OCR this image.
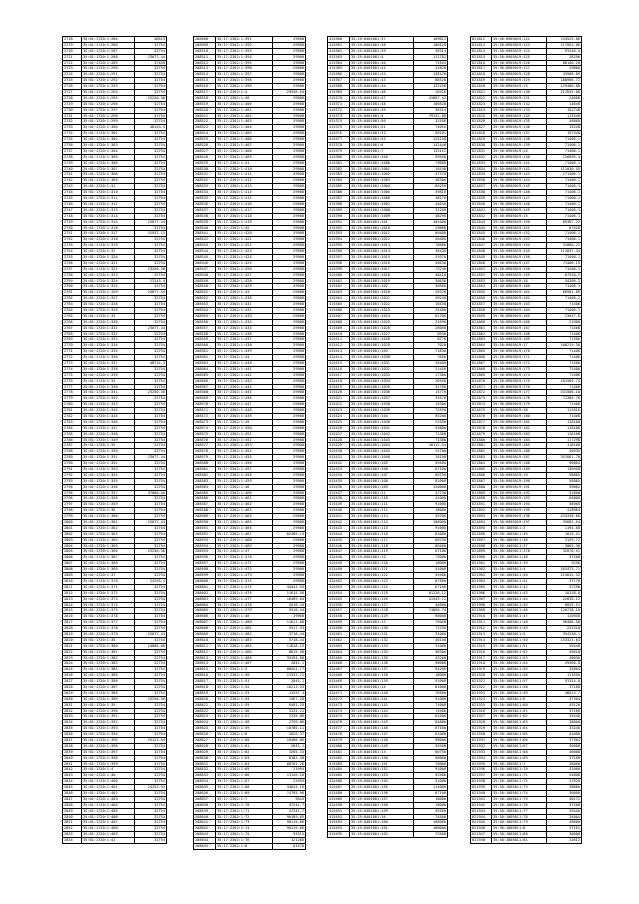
2718	35:01:1720:1:285	48515
2719	35:01:1720:1:286	32754
2720	35:01:1720:1:287	32754
2721	35:01:1720:1:288	23077.44
2722	35:01:1720:1:289	37449
2723	35:01:1720:1:290	32754
2724	35:01:1720:1:291	32754
2725	35:01:1720:1:292	32754
2726	35:01:1720:1:293	32754
2727	35:01:1720:1:294	32754
2728	35:01:1720:1:295	23250.36
2729	35:01:1720:1:296	32754
2730	35:01:1720:1:297	32754
2731	35:01:1720:1:298	32754
2732	35:01:1720:1:299	32754
2733	35:01:1720:1:300	48143.4
2734	35:01:1720:1:301	32754
2735	35:01:1720:1:302	32754
2736	35:01:1720:1:303	32754
2737	35:01:1720:1:304	32754
2738	35:01:1720:1:305	32754
2739	35:01:1720:1:306	32754
2740	35:01:1720:1:307	32754
2741	35:01:1720:1:308	32754
2742	35:01:1720:1:309	32754
2743	35:01:1720:1:31	32754
2744	35:01:1720:1:310	32754
2745	35:01:1720:1:311	32754
2746	35:01:1720:1:312	32754
2747	35:01:1720:1:313	32754
2748	35:01:1720:1:314	32754
2749	35:01:1720:1:315	23077.44
2750	35:01:1720:1:316	32754
2751	35:01:1720:1:317	31937.15
2752	35:01:1720:1:318	32754
2753	35:01:1720:1:319	32754
2754	35:01:1720:1:32	32754
2755	35:01:1720:1:320	32754
2756	35:01:1720:1:321	32754
2757	35:01:1720:1:322	23250.36
2758	35:01:1720:1:323	32754
2759	35:01:1720:1:324	23143.4
2760	35:01:1720:1:325	32754
2761	35:01:1720:1:326	23077.44
2762	35:01:1720:1:327	32754
2763	35:01:1720:1:328	32754
2764	35:01:1720:1:329	32754
2765	35:01:1720:1:33	32754
2766	35:01:1720:1:330	32754
2767	35:01:1720:1:331	23077.44
2768	35:01:1720:1:332	32754
2769	35:01:1720:1:333	32754
2770	35:01:1720:1:334	32754
2771	35:01:1720:1:335	32754
2772	35:01:1720:1:336	32754
2773	35:01:1720:1:337	48724.4
2774	35:01:1720:1:338	32754
2775	35:01:1720:1:339	32754
2776	35:01:1720:1:34	32754
2777	35:01:1720:1:340	32754
2778	35:01:1720:1:341	23250.36
2779	35:01:1720:1:342	32754
2780	35:01:1720:1:343	32754
2781	35:01:1720:1:344	32754
2782	35:01:1720:1:345	32754
2783	35:01:1720:1:346	32754
2784	35:01:1720:1:347	32754
2785	35:01:1720:1:348	32754
2786	35:01:1720:1:349	32754
2787	35:01:1720:1:35	32754
2788	35:01:1720:1:350	32754
2789	35:01:1720:1:351	23077.44
2790	35:01:1720:1:352	32754
2791	35:01:1720:1:353	32754
2792	35:01:1720:1:354	32754
2793	35:01:1720:1:355	32754
2794	35:01:1720:1:356	32754
2795	35:01:1720:1:357	47000.46
2796	35:01:1720:1:358	32754
2797	35:01:1720:1:359	32754
2798	35:01:1720:1:36	32754
2799	35:01:1720:1:360	32754
2800	35:01:1720:1:361	23077.44
2801	35:01:1720:1:362	32754
2802	35:01:1720:1:363	32754
2803	35:01:1720:1:364	32754
2804	35:01:1720:1:365	32754
2805	35:01:1720:1:366	23250.36
2806	35:01:1720:1:367	32754
2807	35:01:1720:1:368	32754
2808	35:01:1720:1:369	32754
2809	35:01:1720:1:37	32754
2810	35:01:1720:1:370	24293.4
2811	35:01:1720:1:371	32754
2812	35:01:1720:1:372	32754
2813	35:01:1720:1:373	32754
2814	35:01:1720:1:374	32754
2815	35:01:1720:1:375	32754
2816	35:01:1720:1:376	32754
2817	35:01:1720:1:377	32754
2818	35:01:1720:1:378	32754
2819	35:01:1720:1:379	23077.44
2820	35:01:1720:1:38	32754
2821	35:01:1720:1:380	24888.66
2822	35:01:1720:1:381	32754
2823	35:01:1720:1:382	32754
2824	35:01:1720:1:383	32754
2825	35:01:1720:1:384	32754
2826	35:01:1720:1:385	32754
2827	35:01:1720:1:386	32754
2828	35:01:1720:1:387	32754
2829	35:01:1720:1:388	32754
2830	35:01:1720:1:389	23250.36
2831	35:01:1720:1:39	32754
2832	35:01:1720:1:390	32754
2833	35:01:1720:1:391	32754
2834	35:01:1720:1:392	32754
2835	35:01:1720:1:393	32754
2836	35:01:1720:1:394	32754
2837	35:01:1720:1:395	25123.64
2838	35:01:1720:1:396	32754
2839	35:01:1720:1:397	32754
2840	35:01:1720:1:398	32754
2841	35:01:1720:1:399	32754
2842	35:01:1720:1:4	32754
2843	35:01:1720:1:40	32754
2844	35:01:1720:1:400	32754
2845	35:01:1720:1:401	24253.93
2846	35:01:1720:1:402	32754
2847	35:01:1720:1:403	32754
2848	35:01:1720:1:404	32754
2849	35:01:1720:1:405	32754
2850	35:01:1720:1:406	32754
2851	35:01:1720:1:407	32754
2852	35:01:1720:1:408	32754
2853	35:01:1720:1:409	32754
2854	35:01:1720:1:41	32754
208508	35:17:2302:1:391	29908
208509	35:17:2302:1:392	29908
208510	35:17:2302:1:393	29908
208511	35:17:2302:1:394	29908
208512	35:17:2302:1:395	29908
208513	35:17:2302:1:396	29908
208514	35:17:2302:1:397	29908
208515	35:17:2302:1:398	29908
208516	35:17:2302:1:399	29908
208517	35:17:2302:1:4	29438.64
208518	35:17:2302:1:40	29908
208519	35:17:2302:1:400	29908
208520	35:17:2302:1:401	29908
208521	35:17:2302:1:402	29908
208522	35:17:2302:1:403	29908
208523	35:17:2302:1:404	29908
208524	35:17:2302:1:405	29908
208525	35:17:2302:1:406	29908
208526	35:17:2302:1:407	29908
208527	35:17:2302:1:408	29908
208528	35:17:2302:1:409	29908
208529	35:17:2302:1:41	29908
208530	35:17:2302:1:410	29908
208531	35:17:2302:1:411	29908
208532	35:17:2302:1:412	29908
208533	35:17:2302:1:413	29908
208534	35:17:2302:1:414	29908
208535	35:17:2302:1:415	29908
208536	35:17:2302:1:416	29908
208537	35:17:2302:1:417	29908
208538	35:17:2302:1:418	29908
208539	35:17:2302:1:419	29908
208540	35:17:2302:1:42	29908
208541	35:17:2302:1:420	29908
208542	35:17:2302:1:421	29908
208543	35:17:2302:1:422	29908
208544	35:17:2302:1:423	29908
208545	35:17:2302:1:424	29908
208546	35:17:2302:1:425	29908
208547	35:17:2302:1:426	29908
208548	35:17:2302:1:427	29908
208549	35:17:2302:1:428	29908
208550	35:17:2302:1:429	29908
208551	35:17:2302:1:43	29908
208552	35:17:2302:1:430	29908
208553	35:17:2302:1:431	29908
208554	35:17:2302:1:432	29908
208555	35:17:2302:1:433	29908
208556	35:17:2302:1:434	29908
208557	35:17:2302:1:435	29908
208558	35:17:2302:1:436	29908
208559	35:17:2302:1:437	29908
208560	35:17:2302:1:438	29908
208561	35:17:2302:1:439	29908
208562	35:17:2302:1:44	29908
208563	35:17:2302:1:440	29908
208564	35:17:2302:1:441	29908
208565	35:17:2302:1:442	29908
208566	35:17:2302:1:443	29908
208567	35:17:2302:1:444	29908
208568	35:17:2302:1:445	29908
208569	35:17:2302:1:446	29908
208570	35:17:2302:1:447	29908
208571	35:17:2302:1:448	29908
208572	35:17:2302:1:449	29908
208573	35:17:2302:1:45	29908
208574	35:17:2302:1:450	29908
208575	35:17:2302:1:451	29908
208576	35:17:2302:1:452	29908
208577	35:17:2302:1:453	29908
208578	35:17:2302:1:454	29908
208579	35:17:2302:1:455	29908
208580	35:17:2302:1:456	29908
208581	35:17:2302:1:457	29908
208582	35:17:2302:1:458	29908
208583	35:17:2302:1:459	29908
208584	35:17:2302:1:46	29908
208585	35:17:2302:1:460	29908
208586	35:17:2302:1:461	29908
208587	35:17:2302:1:462	29908
208588	35:17:2302:1:463	29908
208589	35:17:2302:1:464	29908
208590	35:17:2302:1:465	29908
208591	35:17:2302:1:466	29908
208592	35:17:2302:1:467	82489.14
208593	35:17:2302:1:468	29908
208594	35:17:2302:1:469	29908
208595	35:17:2302:1:47	29908
208596	35:17:2302:1:470	29908
208597	35:17:2302:1:471	29908
208598	35:17:2302:1:472	29908
208599	35:17:2302:1:473	29908
208600	35:17:2302:1:474	29908
208601	35:17:2302:1:475	44441.94
208602	35:17:2302:1:476	11615.58
208603	35:17:2302:1:477	16489.84
208604	35:17:2302:1:478	5518.44
208605	35:17:2302:1:479	5518.44
208606	35:17:2302:1:48	29908
208607	35:17:2302:1:480	11611.08
208608	35:17:2302:1:481	5517.53
208609	35:17:2302:1:482	3718.44
208610	35:17:2302:1:483	5718.44
208611	35:17:2302:1:484	11618.15
208612	35:17:2302:1:485	8815.58
208613	35:17:2302:1:486	33194.88
208614	35:17:2302:1:487	2841.1
208615	35:17:2302:1:5	80541.77
208616	35:17:2302:1:50	13332.71
208617	35:17:2302:1:51	2841.1
208618	35:17:2302:1:52	16213.33
208619	35:17:2302:1:53	13257.4
208620	35:17:2302:1:54	1467.28
208621	35:17:2302:1:55	6491.29
208622	35:17:2302:1:56	3125.21
208623	35:17:2302:1:57	2759.86
208624	35:17:2302:1:58	2759.86
208625	35:17:2302:1:59	10780.11
208626	35:17:2302:1:6	1625.37
208627	35:17:2302:1:60	10480.86
208628	35:17:2302:1:61	2841.1
208629	35:17:2302:1:62	3265.33
208630	35:17:2302:1:63	8182.38
208631	35:17:2302:1:64	80701.26
208632	35:17:2302:1:65	21994
208633	35:17:2302:1:66	13126.16
208634	35:17:2302:1:67	22594
208635	35:17:2302:1:68	34643.16
208636	35:17:2302:1:69	74705.96
208637	35:17:2302:1:7	5643
208638	35:17:2302:1:70	47241.7
208639	35:17:2302:1:71	47241.7
208640	35:17:2302:1:72	90189.65
208641	35:17:2302:1:73	90119.66
208642	35:17:2302:1:74	90119.66
208643	35:17:2302:1:75	93315
208644	35:17:2302:1:76	121266
208645	35:17:2302:1:8	61578
415360	35:25:0401001:37	109611
415361	35:25:0401001:38	108128
415362	35:25:0401001:39	36314
415363	35:25:0401001:4	112781
415364	35:25:0401001:40	71543
415365	35:25:0401001:41	31828
415366	35:25:0401001:42	138170
415367	35:25:0401001:43	88428
415368	35:25:0401001:44	123158
415369	35:25:0401001:46	28318
415370	35:25:0401001:47	41807.42
415371	35:25:0401001:48	106828
415372	35:25:0401001:49	36314
415373	35:25:0401001:5	79132.88
415374	35:25:0401001:50	32556
415375	35:25:0401001:51	74010
415376	35:25:0401001:52	90101
415377	35:25:0401001:53	123158
415378	35:25:0401001:6	142440
415379	35:25:0401001:7	133112
415380	35:25:0401001:100	99550
415381	35:25:0401001:1000	79680
415382	35:25:0401001:1001	10190
415383	35:25:0401001:1002	47370
415384	35:25:0401001:1003	48300
415385	35:25:0401001:1004	86250
415386	35:25:0401001:1005	39810
415387	35:25:0401001:1006	18270
415388	35:25:0401001:1007	44640
415389	35:25:0401001:1008	31200
415390	35:25:0401001:1009	48290
415391	35:25:0401001:101	104400
415392	35:25:0401001:1010	29880
415393	35:25:0401001:1011	60480
415394	35:25:0401001:1012	26460
415395	35:25:0401001:1013	78680
415396	35:25:0401001:1014	36430
415397	35:25:0401001:1015	29370
415398	35:25:0401001:1016	36630
415399	35:25:0401001:1017	73230
415400	35:25:0401001:1018	48410
415401	35:25:0401001:1019	30630
415402	35:25:0401001:102	36600
415403	35:25:0401001:1020	26370
415404	35:25:0401001:1021	49240
415405	35:25:0401001:1022	16530
415406	35:25:0401001:1023	25400
415407	35:25:0401001:1024	81700
415408	35:25:0401001:1025	21690
415409	35:25:0401001:1026	26050
415410	35:25:0401001:1027	6930
415411	35:25:0401001:1028	8770
415412	35:25:0401001:1029	7020
415413	35:25:0401001:103	71830
415414	35:25:0401001:1030	7650
415415	35:25:0401001:1031	26400
415416	35:25:0401001:1032	21450
415417	35:25:0401001:1033	17360
415418	35:25:0401001:1034	26550
415419	35:25:0401001:1035	32760
415420	35:25:0401001:1036	14770
415421	35:25:0401001:1037	33570
415422	35:25:0401001:1038	15300
415423	35:25:0401001:1039	72550
415424	35:25:0401001:104	95200
415425	35:25:0401001:1040	22550
415426	35:25:0401001:1041	55800
415427	35:25:0401001:1042	71380
415428	35:25:0401001:1043	71380
415429	35:25:0401001:1044	30112.44
415430	35:25:0401001:1045	24700
415431	35:25:0401001:1046	18190
415432	35:25:0401001:105	59460
415433	35:25:0401001:106	67100
415434	35:25:0401001:107	60750
415435	35:25:0401001:108	81000
415436	35:25:0401001:109	120000
415437	35:25:0401001:11	47730
415438	35:25:0401001:110	41000
415439	35:25:0401001:111	91000
415440	35:25:0401001:112	18000
415441	35:25:0401001:113	30700
415442	35:25:0401001:114	106000
415443	35:25:0401001:115	91000
415444	35:25:0401001:116	81000
415445	35:25:0401001:117	60750
415446	35:25:0401001:118	86400
415447	35:25:0401001:119	67100
415448	35:25:0401001:12	73000
415449	35:25:0401001:120	18000
415450	35:25:0401001:121	51000
415451	35:25:0401001:122	55500
415452	35:25:0401001:123	87500
415453	35:25:0401001:124	67100
415454	35:25:0401001:125	61230.12
415455	35:25:0401001:126	41543.12
415456	35:25:0401001:127	44000
415457	35:25:0401001:128	74850.74
415458	35:25:0401001:129	98000
415459	35:25:0401001:13	79050
415460	35:25:0401001:130	72750
415461	35:25:0401001:131	31000
415462	35:25:0401001:132	40100
415463	35:25:0401001:133	31000
415464	35:25:0401001:134	38300
415465	35:25:0401001:135	43200
415466	35:25:0401001:136	96000
415467	35:25:0401001:137	94200
415468	35:25:0401001:138	18000
415469	35:25:0401001:139	91000
415470	35:25:0401001:14	81000
415471	35:25:0401001:140	76500
415472	35:25:0401001:141	91000
415473	35:25:0401001:142	71000
415474	35:25:0401001:143	74500
415475	35:25:0401001:144	61500
415476	35:25:0401001:145	64800
415477	35:25:0401001:146	67100
415478	35:25:0401001:147	61000
415479	35:25:0401001:148	98000
415480	35:25:0401001:149	55500
415481	35:25:0401001:15	60750
415482	35:25:0401001:150	58000
415483	35:25:0401001:151	70000
415484	35:25:0401001:152	91000
415485	35:25:0401001:153	92500
415486	35:25:0401001:154	51000
415487	35:25:0401001:155	114000
415488	35:25:0401001:156	67100
415489	35:25:0401001:157	18000
415490	35:25:0401001:158	18000
415491	35:25:0401001:159	55500
415492	35:25:0401001:16	74500
415493	35:25:0401001:160	108000
415494	35:25:0401001:161	108000
415495	35:25:0401001:162	72500
621812	35:30:0905019:122	154525.86
621813	35:30:0905019:123	117052.06
621814	35:30:0905019:124	93340.5
621815	35:30:0905019:125	28296
621816	35:30:0905019:126	86140.26
621817	35:30:0905019:127	29800
621818	35:30:0905019:128	43588.89
621819	35:30:0905019:129	188966.72
621820	35:30:0905019:13	129406.88
621821	35:30:0905019:130	217645.08
621822	35:30:0905019:131	24668
621823	35:30:0905019:132	14046
621824	35:30:0905019:133	152748
621825	35:30:0905019:134	115546
621826	35:30:0905019:135	46860
621827	35:30:0905019:136	15248
621828	35:30:0905019:137	157340
621829	35:30:0905019:138	71406.1
621830	35:30:0905019:139	71406.1
621831	35:30:0905019:14	71406.1
621832	35:30:0905019:140	126895.4
621833	35:30:0905019:141	71406.1
621834	35:30:0905019:142	111030.45
621835	35:30:0905019:143	171406.1
621836	35:30:0905019:144	71406.1
621837	35:30:0905019:145	71406.1
621838	35:30:0905019:146	71406.1
621839	35:30:0905019:147	71406.1
621840	35:30:0905019:148	71406.1
621841	35:30:0905019:149	71406.1
621842	35:30:0905019:15	71406.1
621843	35:30:0905019:150	65307.22
621844	35:30:0905019:151	67520
621845	35:30:0905019:152	71406.1
621846	35:30:0905019:153	71406.1
621847	35:30:0905019:154	31860.22
621848	35:30:0905019:155	113037.44
621849	35:30:0905019:156	71406.1
621850	35:30:0905019:157	71406.15
621851	35:30:0905019:158	71406.1
621852	35:30:0905019:159	67520.3
621853	35:30:0905019:16	34200.3
621854	35:30:0905019:160	71406.1
621855	35:30:0905019:161	68902.89
621856	35:30:0905019:162	71406.1
621857	35:30:0905019:163	71406
621858	35:30:0905019:164	71406.1
621859	35:30:0905019:165	23847.8
621860	35:30:0905019:166	21900
621861	35:30:0905019:167	71406
621862	35:30:0905019:168	71406
621863	35:30:0905019:169	71406
621864	35:30:0905019:17	100219.36
621865	35:30:0905019:170	71406
621866	35:30:0905019:171	71406
621867	35:30:0905019:172	71406
621868	35:30:0905019:173	71406
621869	35:30:0905019:174	71406
621870	35:30:0905019:175	181509.74
621871	35:30:0905019:176	71406
621872	35:30:0905019:177	431508.18
621873	35:30:0905019:178	71385.76
621874	35:30:0905019:179	71406
621875	35:30:0905019:18	112016
621876	35:30:0905019:180	71406
621877	35:30:0905019:181	118108
621878	35:30:0905019:182	118108
621879	35:30:0905019:183	116108
621880	35:30:0905019:184	117298
621881	35:30:0905019:185	118108
621882	35:30:0905019:186	40935
621883	35:30:0905019:187	347681.78
621884	35:30:0905019:188	96804
621885	35:30:0905019:189	130958
621886	35:30:0905019:19	58885
621887	35:30:0905019:190	58885
621888	35:30:0905019:191	59882
621889	35:30:0905019:192	51800
621890	35:30:0905019:193	64800
621891	35:30:0905019:194	58985
621892	35:30:0905019:195	418984
621893	35:30:0905019:196	434338.68
621894	35:30:0905019:197	35682.54
621895	35:30:1005011:3	1195.68
621896	35:30:1005011:35	1815.41
621897	35:30:1005011:36	3129.72
621898	35:30:1005011:37	3065.38
621899	35:30:1005011:378	32070.51
621900	35:30:1005011:38	37200
621901	35:30:1005011:39	5256
621902	35:30:1005011:4	103473.71
621903	35:30:1005011:40	115642.32
621904	35:30:1005011:41	37170
621905	35:30:1005011:42	57298
621906	35:30:1005011:43	10128.8
621907	35:30:1005011:44	22836.12
621908	35:30:1005011:45	6843.51
621909	35:30:1005011:46	120718.18
621910	35:30:1005011:47	110940
621911	35:30:1005011:48	58488.58
621912	35:30:1005011:49	222310
621913	35:30:1005011:5	354258.1
621914	35:30:1005011:50	153321.64
621915	35:30:1005011:51	55440
621916	35:30:1005011:52	56610
621917	35:30:1005011:53	48030
621918	35:30:1005011:54	29360.8
621919	35:30:1005011:55	32004
621920	35:30:1005011:56	113550
621921	35:30:1005011:57	91314.8
621922	35:30:1005011:58	37160
621923	35:30:1005011:59	46013.7
621924	35:30:1005011:6	37304
621925	35:30:1005011:60	49120
621926	35:30:1005011:61	37160
621927	35:30:1005011:62	35440
621928	35:30:1005011:63	36000
621929	35:30:1005011:64	33240
621930	35:30:1005011:65	41000
621931	35:30:1005011:66	37304
621932	35:30:1005011:67	36000
621933	35:30:1005011:68	46000
621934	35:30:1005011:69	37160
621935	35:30:1005011:7	28000
621936	35:30:1005011:70	41000
621937	35:30:1005011:71	54800
621938	35:30:1005011:72	27620
621939	35:30:1005011:73	38860
621940	35:30:1005011:74	36000
621941	35:30:1005011:75	40172
621942	35:30:1005011:76	37200
621943	35:30:1005011:77	35440
621944	35:30:1005011:78	34004
621945	35:30:1005011:79	38600
621946	35:30:1005011:8	37161
621947	35:30:1005011:80	38600
621948	35:30:1005011:81	32612
